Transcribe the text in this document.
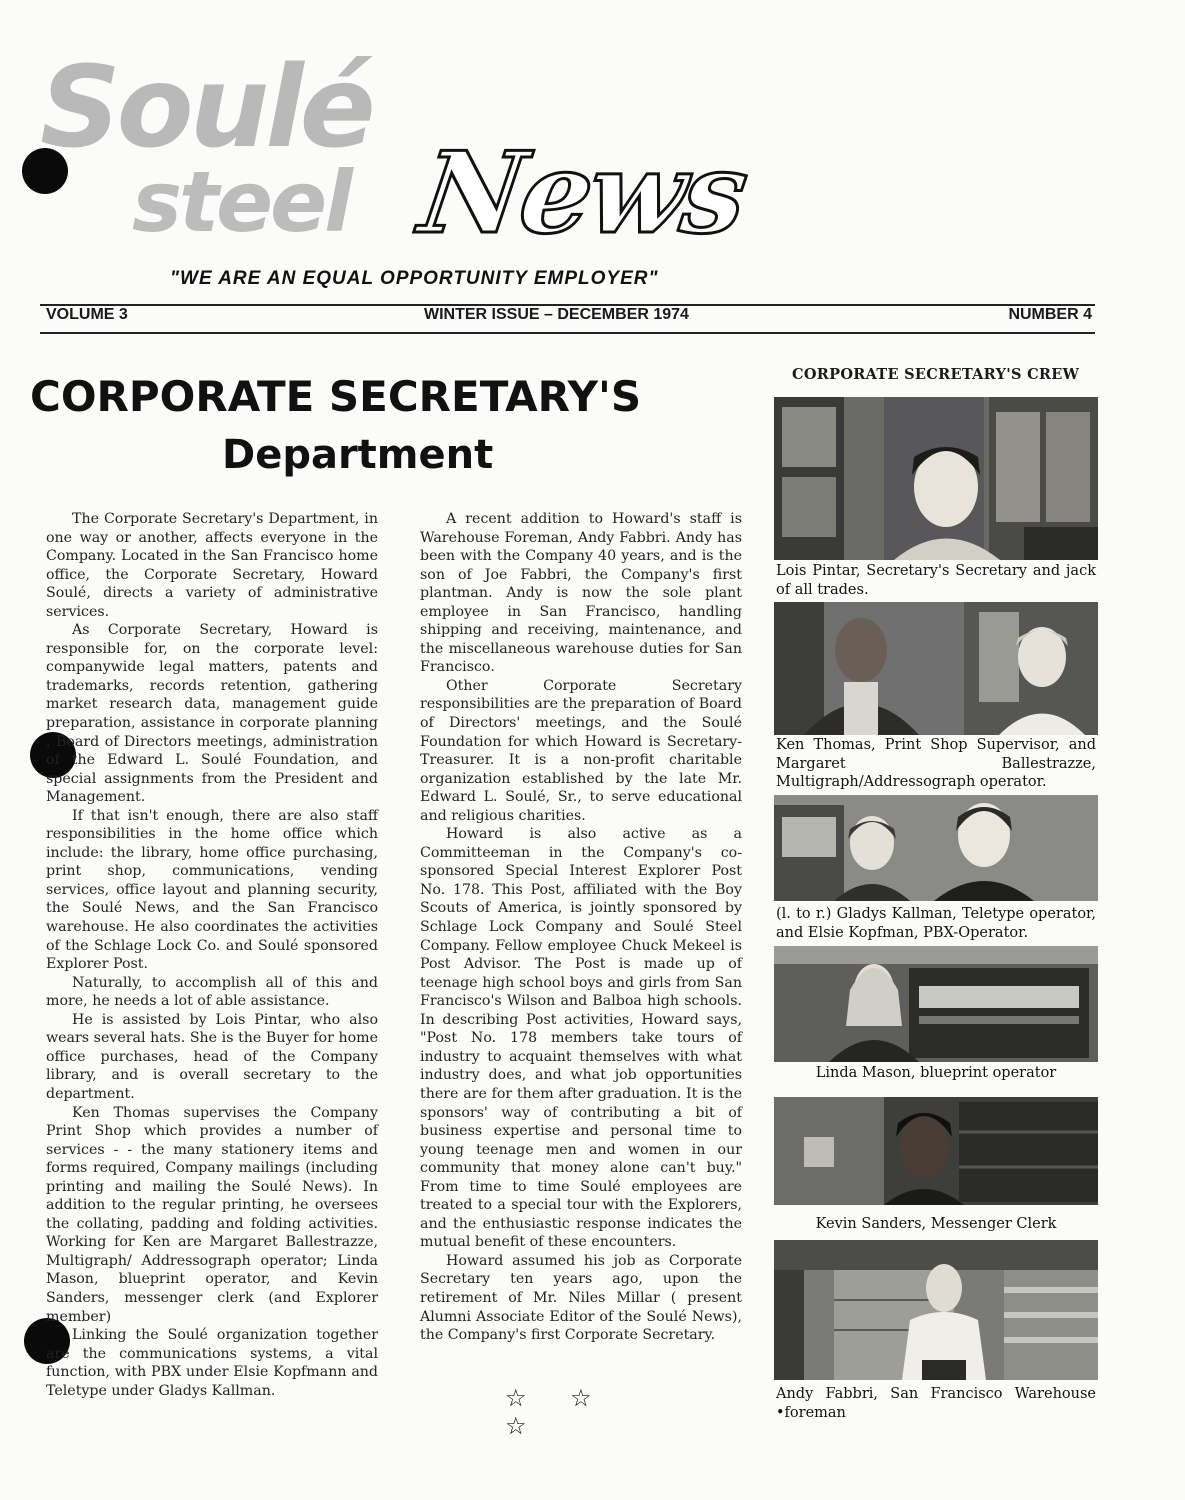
Soulé
steel News
"WE ARE AN EQUAL OPPORTUNITY EMPLOYER"
VOLUME 3	WINTER ISSUE – DECEMBER 1974	NUMBER 4
CORPORATE SECRETARY'S
Department

The Corporate Secretary's Department, in one way or another, affects everyone in the Company. Located in the San Francisco home office, the Corporate Secretary, Howard Soulé, directs a variety of administrative services.

As Corporate Secretary, Howard is responsible for, on the corporate level: companywide legal matters, patents and trademarks, records retention, gathering market research data, management guide preparation, assistance in corporate planning , Board of Directors meetings, administration of the Edward L. Soulé Foundation, and special assignments from the President and Management.

If that isn't enough, there are also staff responsibilities in the home office which include: the library, home office purchasing, print shop, communications, vending services, office layout and planning security, the Soulé News, and the San Francisco warehouse. He also coordinates the activities of the Schlage Lock Co. and Soulé sponsored Explorer Post.

Naturally, to accomplish all of this and more, he needs a lot of able assistance.

He is assisted by Lois Pintar, who also wears several hats. She is the Buyer for home office purchases, head of the Company library, and is overall secretary to the department.

Ken Thomas supervises the Company Print Shop which provides a number of services - - the many stationery items and forms required, Company mailings (including printing and mailing the Soulé News). In addition to the regular printing, he oversees the collating, padding and folding activities. Working for Ken are Margaret Ballestrazze, Multigraph/ Addressograph operator; Linda Mason, blueprint operator, and Kevin Sanders, messenger clerk (and Explorer member)

Linking the Soulé organization together are the communications systems, a vital function, with PBX under Elsie Kopfmann and Teletype under Gladys Kallman.

A recent addition to Howard's staff is Warehouse Foreman, Andy Fabbri. Andy has been with the Company 40 years, and is the son of Joe Fabbri, the Company's first plantman. Andy is now the sole plant employee in San Francisco, handling shipping and receiving, maintenance, and the miscellaneous warehouse duties for San Francisco.

Other Corporate Secretary responsibilities are the preparation of Board of Directors' meetings, and the Soulé Foundation for which Howard is Secretary-Treasurer. It is a non-profit charitable organization established by the late Mr. Edward L. Soulé, Sr., to serve educational and religious charities.

Howard is also active as a Committeeman in the Company's co-sponsored Special Interest Explorer Post No. 178. This Post, affiliated with the Boy Scouts of America, is jointly sponsored by Schlage Lock Company and Soulé Steel Company. Fellow employee Chuck Mekeel is Post Advisor. The Post is made up of teenage high school boys and girls from San Francisco's Wilson and Balboa high schools. In describing Post activities, Howard says, "Post No. 178 members take tours of industry to acquaint themselves with what industry does, and what job opportunities there are for them after graduation. It is the sponsors' way of contributing a bit of business expertise and personal time to young teenage men and women in our community that money alone can't buy." From time to time Soulé employees are treated to a special tour with the Explorers, and the enthusiastic response indicates the mutual benefit of these encounters.

Howard assumed his job as Corporate Secretary ten years ago, upon the retirement of Mr. Niles Millar ( present Alumni Associate Editor of the Soulé News), the Company's first Corporate Secretary.

☆ ☆ ☆
CORPORATE SECRETARY'S CREW
Lois Pintar, Secretary's Secretary and jack of all trades.
Ken Thomas, Print Shop Supervisor, and Margaret Ballestrazze, Multigraph/Addressograph operator.
(l. to r.) Gladys Kallman, Teletype operator, and Elsie Kopfman, PBX-Operator.
Linda Mason, blueprint operator
Kevin Sanders, Messenger Clerk
Andy Fabbri, San Francisco Warehouse •foreman
